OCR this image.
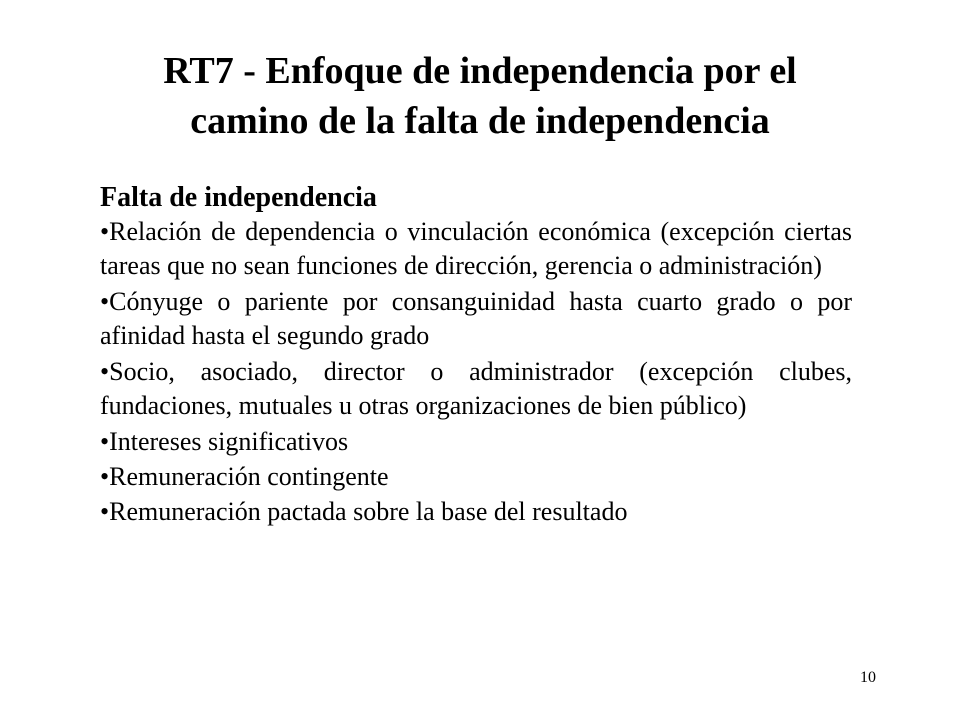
RT7 - Enfoque de independencia por el
camino de la falta de independencia
Falta de independencia
•Relación de dependencia o vinculación económica (excepción ciertas tareas que no sean funciones de dirección, gerencia o administración)
•Cónyuge o pariente por consanguinidad hasta cuarto grado o por afinidad hasta el segundo grado
•Socio, asociado, director o administrador (excepción clubes, fundaciones, mutuales u otras organizaciones de bien público)
•Intereses significativos
•Remuneración contingente
•Remuneración pactada sobre la base del resultado
10
